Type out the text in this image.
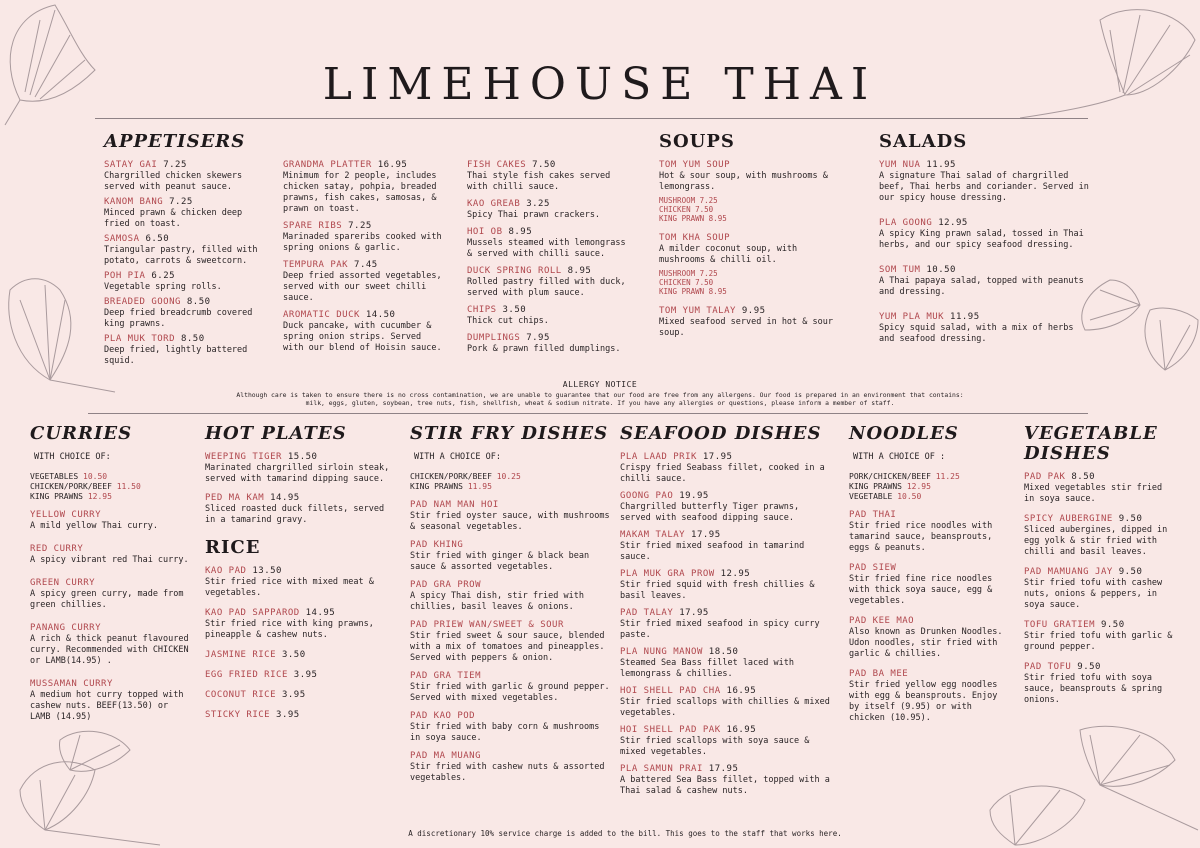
LIMEHOUSE THAI
APPETISERS
SATAY GAI 7.25
Chargrilled chicken skewers served with peanut sauce.
KANOM BANG 7.25
Minced prawn & chicken deep fried on toast.
SAMOSA 6.50
Triangular pastry, filled with potato, carrots & sweetcorn.
POH PIA 6.25
Vegetable spring rolls.
BREADED GOONG 8.50
Deep fried breadcrumb covered king prawns.
PLA MUK TORD 8.50
Deep fried, lightly battered squid.
GRANDMA PLATTER 16.95
Minimum for 2 people, includes chicken satay, pohpia, breaded prawns, fish cakes, samosas, & prawn on toast.
SPARE RIBS 7.25
Marinaded spareribs cooked with spring onions & garlic.
TEMPURA PAK 7.45
Deep fried assorted vegetables, served with our sweet chilli sauce.
AROMATIC DUCK 14.50
Duck pancake, with cucumber & spring onion strips. Served with our blend of Hoisin sauce.
FISH CAKES 7.50
Thai style fish cakes served with chilli sauce.
KAO GREAB 3.25
Spicy Thai prawn crackers.
HOI OB 8.95
Mussels steamed with lemongrass & served with chilli sauce.
DUCK SPRING ROLL 8.95
Rolled pastry filled with duck, served with plum sauce.
CHIPS 3.50
Thick cut chips.
DUMPLINGS 7.95
Pork & prawn filled dumplings.
SOUPS
TOM YUM SOUP
Hot & sour soup, with mushrooms & lemongrass.
MUSHROOM 7.25
CHICKEN 7.50
KING PRAWN 8.95
TOM KHA SOUP
A milder coconut soup, with mushrooms & chilli oil.
MUSHROOM 7.25
CHICKEN 7.50
KING PRAWN 8.95
TOM YUM TALAY 9.95
Mixed seafood served in hot & sour soup.
SALADS
YUM NUA 11.95
A signature Thai salad of chargrilled beef, Thai herbs and coriander. Served in our spicy house dressing.
PLA GOONG 12.95
A spicy King prawn salad, tossed in Thai herbs, and our spicy seafood dressing.
SOM TUM 10.50
A Thai papaya salad, topped with peanuts and dressing.
YUM PLA MUK 11.95
Spicy squid salad, with a mix of herbs and seafood dressing.
ALLERGY NOTICE
Although care is taken to ensure there is no cross contamination, we are unable to guarantee that our food are free from any allergens. Our food is prepared in an environment that contains: milk, eggs, gluten, soybean, tree nuts, fish, shellfish, wheat & sodium nitrate. If you have any allergies or questions, please inform a member of staff.
CURRIES
WITH CHOICE OF:
VEGETABLES 10.50
CHICKEN/PORK/BEEF 11.50
KING PRAWNS 12.95
YELLOW CURRY
A mild yellow Thai curry.
RED CURRY
A spicy vibrant red Thai curry.
GREEN CURRY
A spicy green curry, made from green chillies.
PANANG CURRY
A rich & thick peanut flavoured curry. Recommended with CHICKEN or LAMB(14.95) .
MUSSAMAN CURRY
A medium hot curry topped with cashew nuts. BEEF(13.50) or LAMB (14.95)
HOT PLATES
WEEPING TIGER 15.50
Marinated chargrilled sirloin steak, served with tamarind dipping sauce.
PED MA KAM 14.95
Sliced roasted duck fillets, served in a tamarind gravy.
RICE
KAO PAD 13.50
Stir fried rice with mixed meat & vegetables.
KAO PAD SAPPAROD 14.95
Stir fried rice with king prawns, pineapple & cashew nuts.
JASMINE RICE 3.50
EGG FRIED RICE 3.95
COCONUT RICE 3.95
STICKY RICE 3.95
STIR FRY DISHES
WITH A CHOICE OF:
CHICKEN/PORK/BEEF 10.25
KING PRAWNS 11.95
PAD NAM MAN HOI
Stir fried oyster sauce, with mushrooms & seasonal vegetables.
PAD KHING
Stir fried with ginger & black bean sauce & assorted vegetables.
PAD GRA PROW
A spicy Thai dish, stir fried with chillies, basil leaves & onions.
PAD PRIEW WAN/SWEET & SOUR
Stir fried sweet & sour sauce, blended with a mix of tomatoes and pineapples. Served with peppers & onion.
PAD GRA TIEM
Stir fried with garlic & ground pepper. Served with mixed vegetables.
PAD KAO POD
Stir fried with baby corn & mushrooms in soya sauce.
PAD MA MUANG
Stir fried with cashew nuts & assorted vegetables.
SEAFOOD DISHES
PLA LAAD PRIK 17.95
Crispy fried Seabass fillet, cooked in a chilli sauce.
GOONG PAO 19.95
Chargrilled butterfly Tiger prawns, served with seafood dipping sauce.
MAKAM TALAY 17.95
Stir fried mixed seafood in tamarind sauce.
PLA MUK GRA PROW 12.95
Stir fried squid with fresh chillies & basil leaves.
PAD TALAY 17.95
Stir fried mixed seafood in spicy curry paste.
PLA NUNG MANOW 18.50
Steamed Sea Bass fillet laced with lemongrass & chillies.
HOI SHELL PAD CHA 16.95
Stir fried scallops with chillies & mixed vegetables.
HOI SHELL PAD PAK 16.95
Stir fried scallops with soya sauce & mixed vegetables.
PLA SAMUN PRAI 17.95
A battered Sea Bass fillet, topped with a Thai salad & cashew nuts.
NOODLES
WITH A CHOICE OF :
PORK/CHICKEN/BEEF 11.25
KING PRAWNS 12.95
VEGETABLE 10.50
PAD THAI
Stir fried rice noodles with tamarind sauce, beansprouts, eggs & peanuts.
PAD SIEW
Stir fried fine rice noodles with thick soya sauce, egg & vegetables.
PAD KEE MAO
Also known as Drunken Noodles. Udon noodles, stir fried with garlic & chillies.
PAD BA MEE
Stir fried yellow egg noodles with egg & beansprouts. Enjoy by itself (9.95) or with chicken (10.95).
VEGETABLE DISHES
PAD PAK 8.50
Mixed vegetables stir fried in soya sauce.
SPICY AUBERGINE 9.50
Sliced aubergines, dipped in egg yolk & stir fried with chilli and basil leaves.
PAD MAMUANG JAY 9.50
Stir fried tofu with cashew nuts, onions & peppers, in soya sauce.
TOFU GRATIEM 9.50
Stir fried tofu with garlic & ground pepper.
PAD TOFU 9.50
Stir fried tofu with soya sauce, beansprouts & spring onions.
A discretionary 10% service charge is added to the bill. This goes to the staff that works here.
